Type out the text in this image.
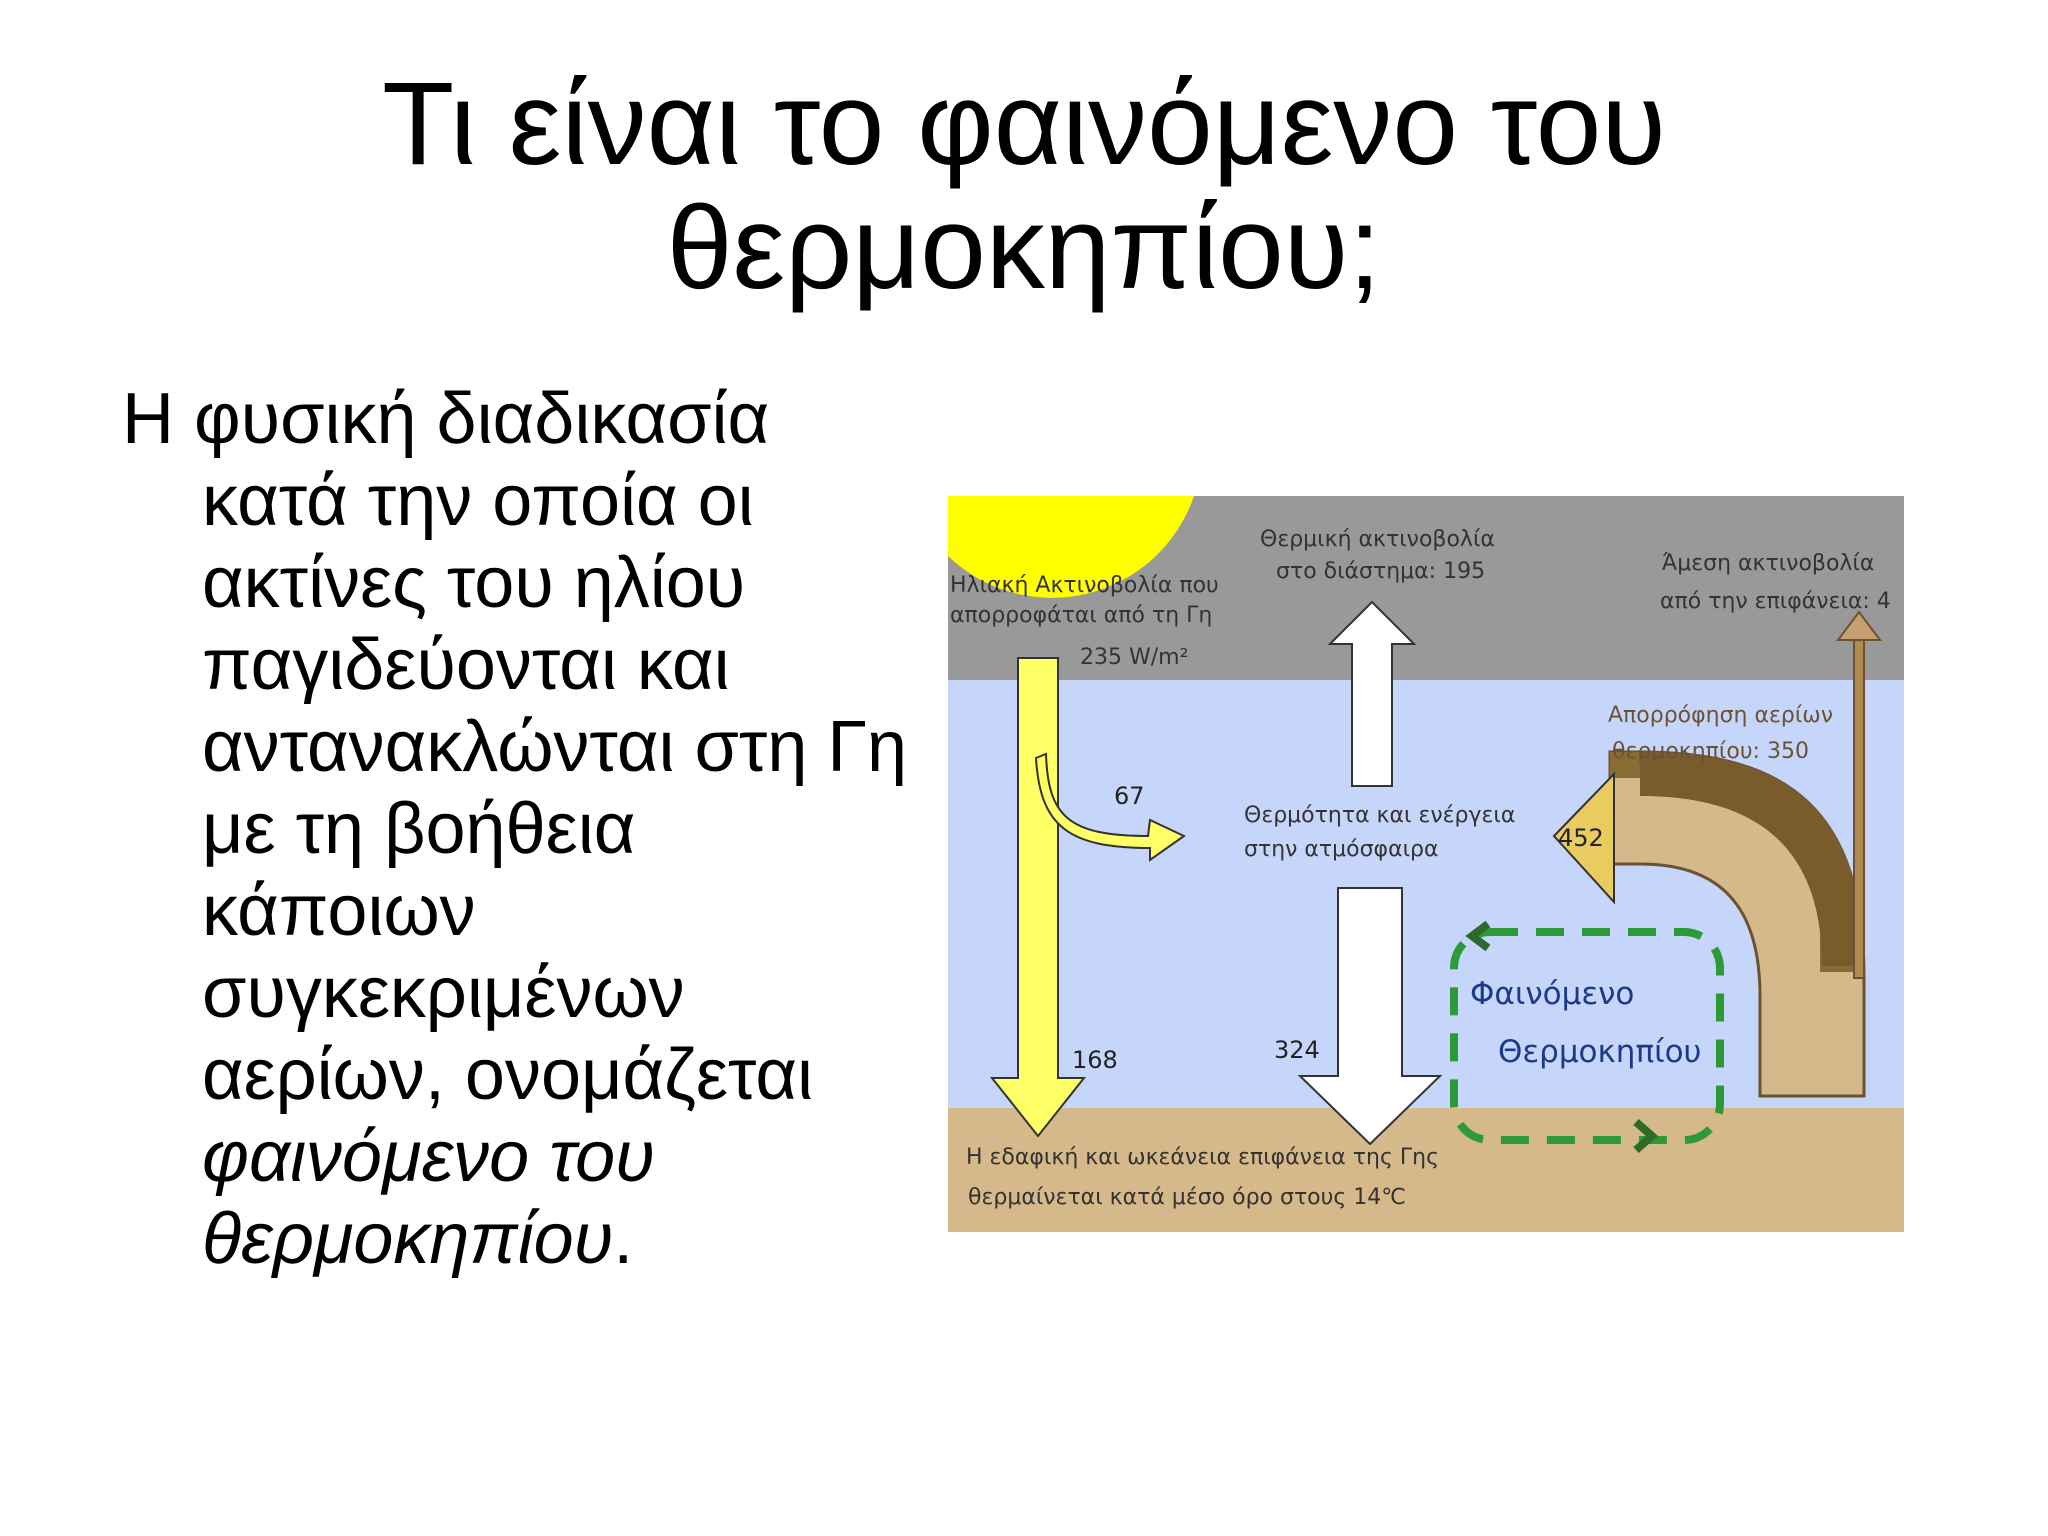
Τι είναι το φαινόμενο του
θερμοκηπίου;
Η φυσική διαδικασία
κατά την οποία οι
ακτίνες του ηλίου
παγιδεύονται και
αντανακλώνται στη Γη
με τη βοήθεια
κάποιων
συγκεκριμένων
αερίων, ονομάζεται
φαινόμενο του
θερμοκηπίου.
452
Ηλιακή Ακτινοβολία που
απορροφάται από τη Γη
235 W/m²
Θερμική ακτινοβολία
στο διάστημα: 195	Άμεση ακτινοβολία
από την επιφάνεια: 4
Απορρόφηση αερίων
θερμοκηπίου: 350
Θερμότητα και ενέργεια
στην ατμόσφαιρα
67
168	324
Φαινόμενο
Θερμοκηπίου
Η εδαφική και ωκεάνεια επιφάνεια της Γης
θερμαίνεται κατά μέσο όρο στους 14℃
